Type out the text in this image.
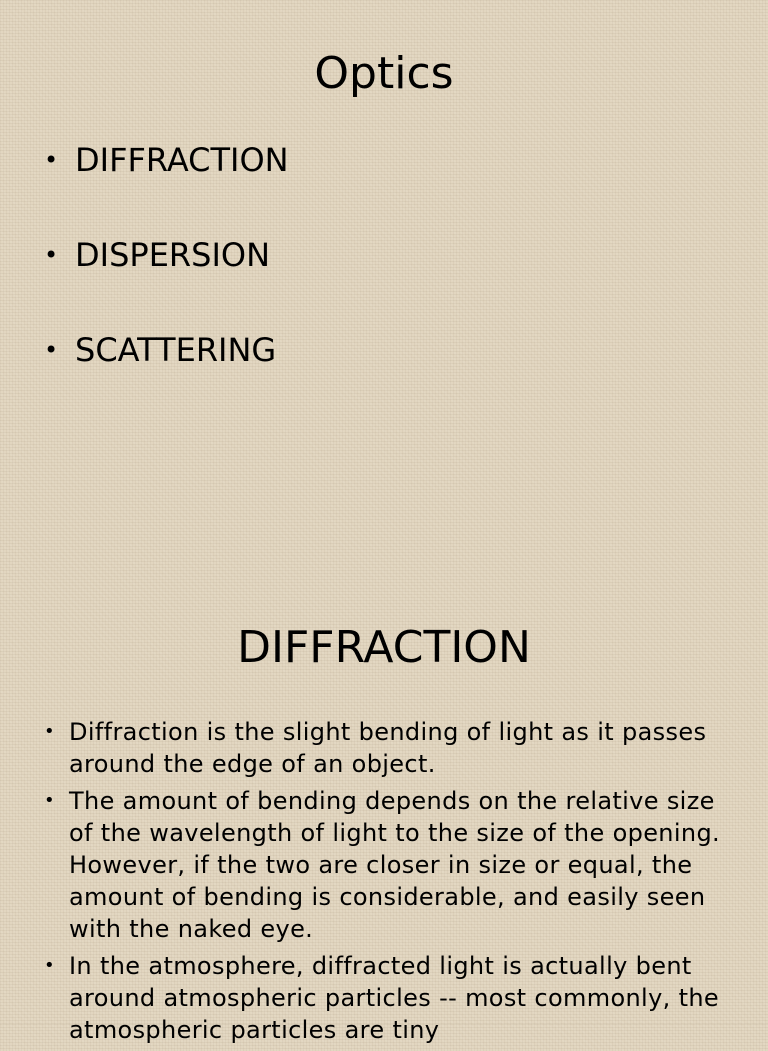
Optics
• DIFFRACTION
• DISPERSION
• SCATTERING
DIFFRACTION
• Diffraction is the slight bending of light as it passes around the edge of an object.
• The amount of bending depends on the relative size of the wavelength of light to the size of the opening. However, if the two are closer in size or equal, the amount of bending is considerable, and easily seen with the naked eye.
• In the atmosphere, diffracted light is actually bent around atmospheric particles -- most commonly, the atmospheric particles are tiny
